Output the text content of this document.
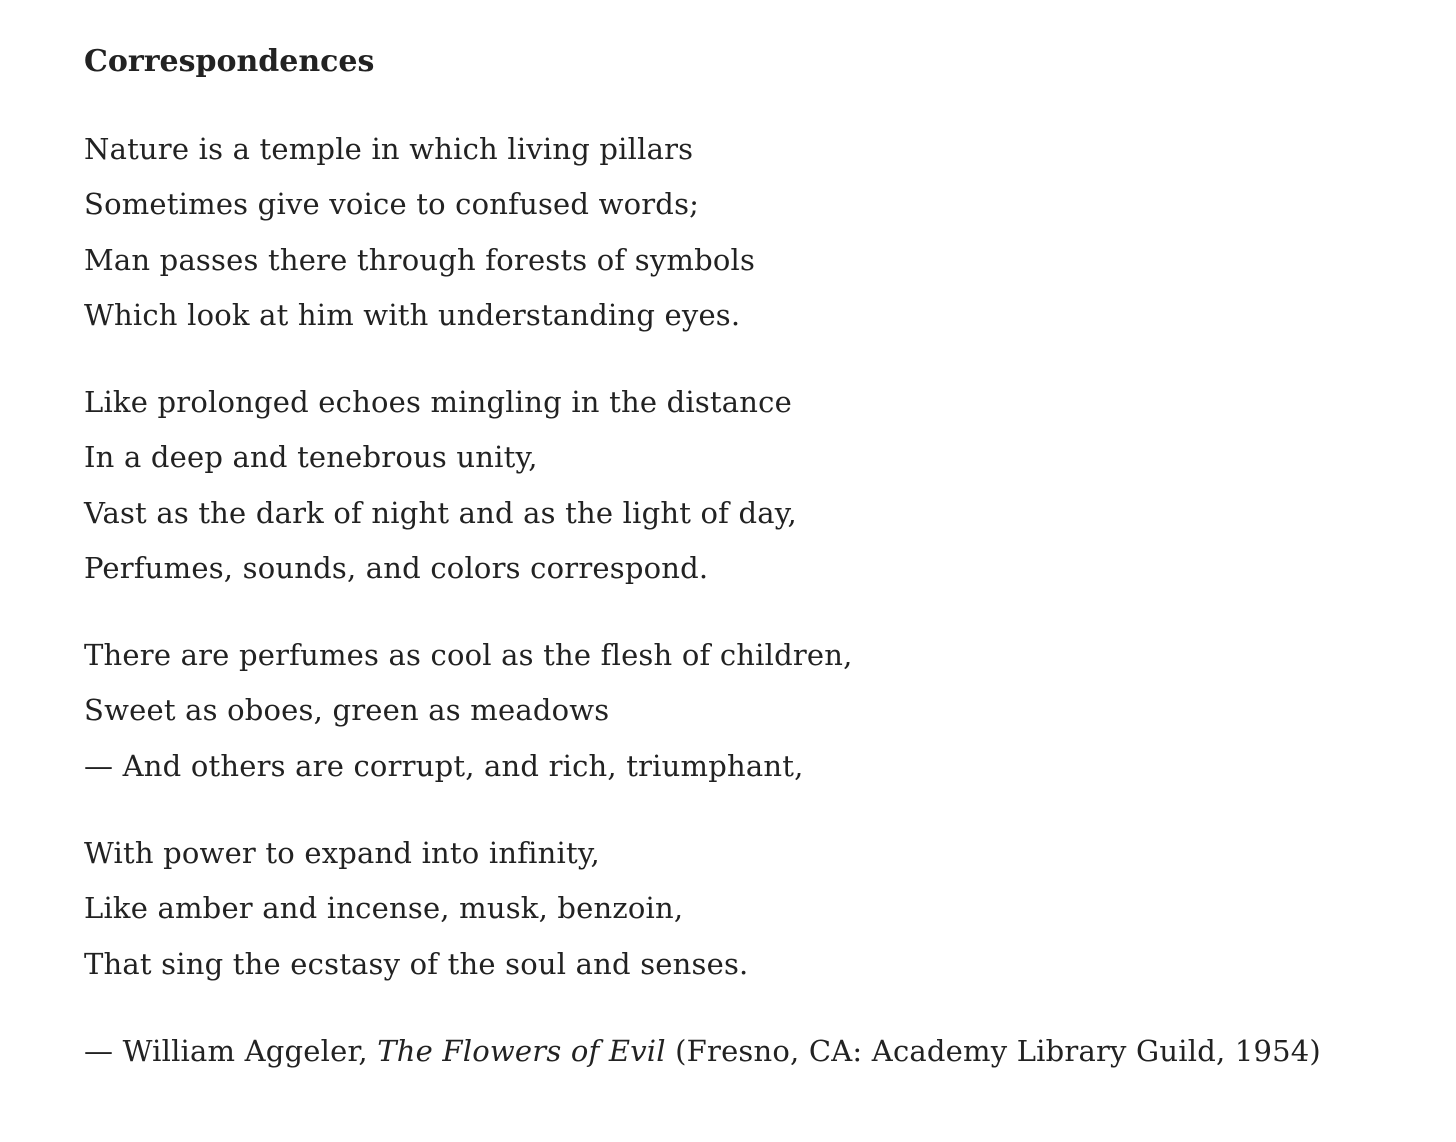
Correspondences
Nature is a temple in which living pillars
Sometimes give voice to confused words;
Man passes there through forests of symbols
Which look at him with understanding eyes.
Like prolonged echoes mingling in the distance
In a deep and tenebrous unity,
Vast as the dark of night and as the light of day,
Perfumes, sounds, and colors correspond.
There are perfumes as cool as the flesh of children,
Sweet as oboes, green as meadows
— And others are corrupt, and rich, triumphant,
With power to expand into infinity,
Like amber and incense, musk, benzoin,
That sing the ecstasy of the soul and senses.

— William Aggeler, The Flowers of Evil (Fresno, CA: Academy Library Guild, 1954)
